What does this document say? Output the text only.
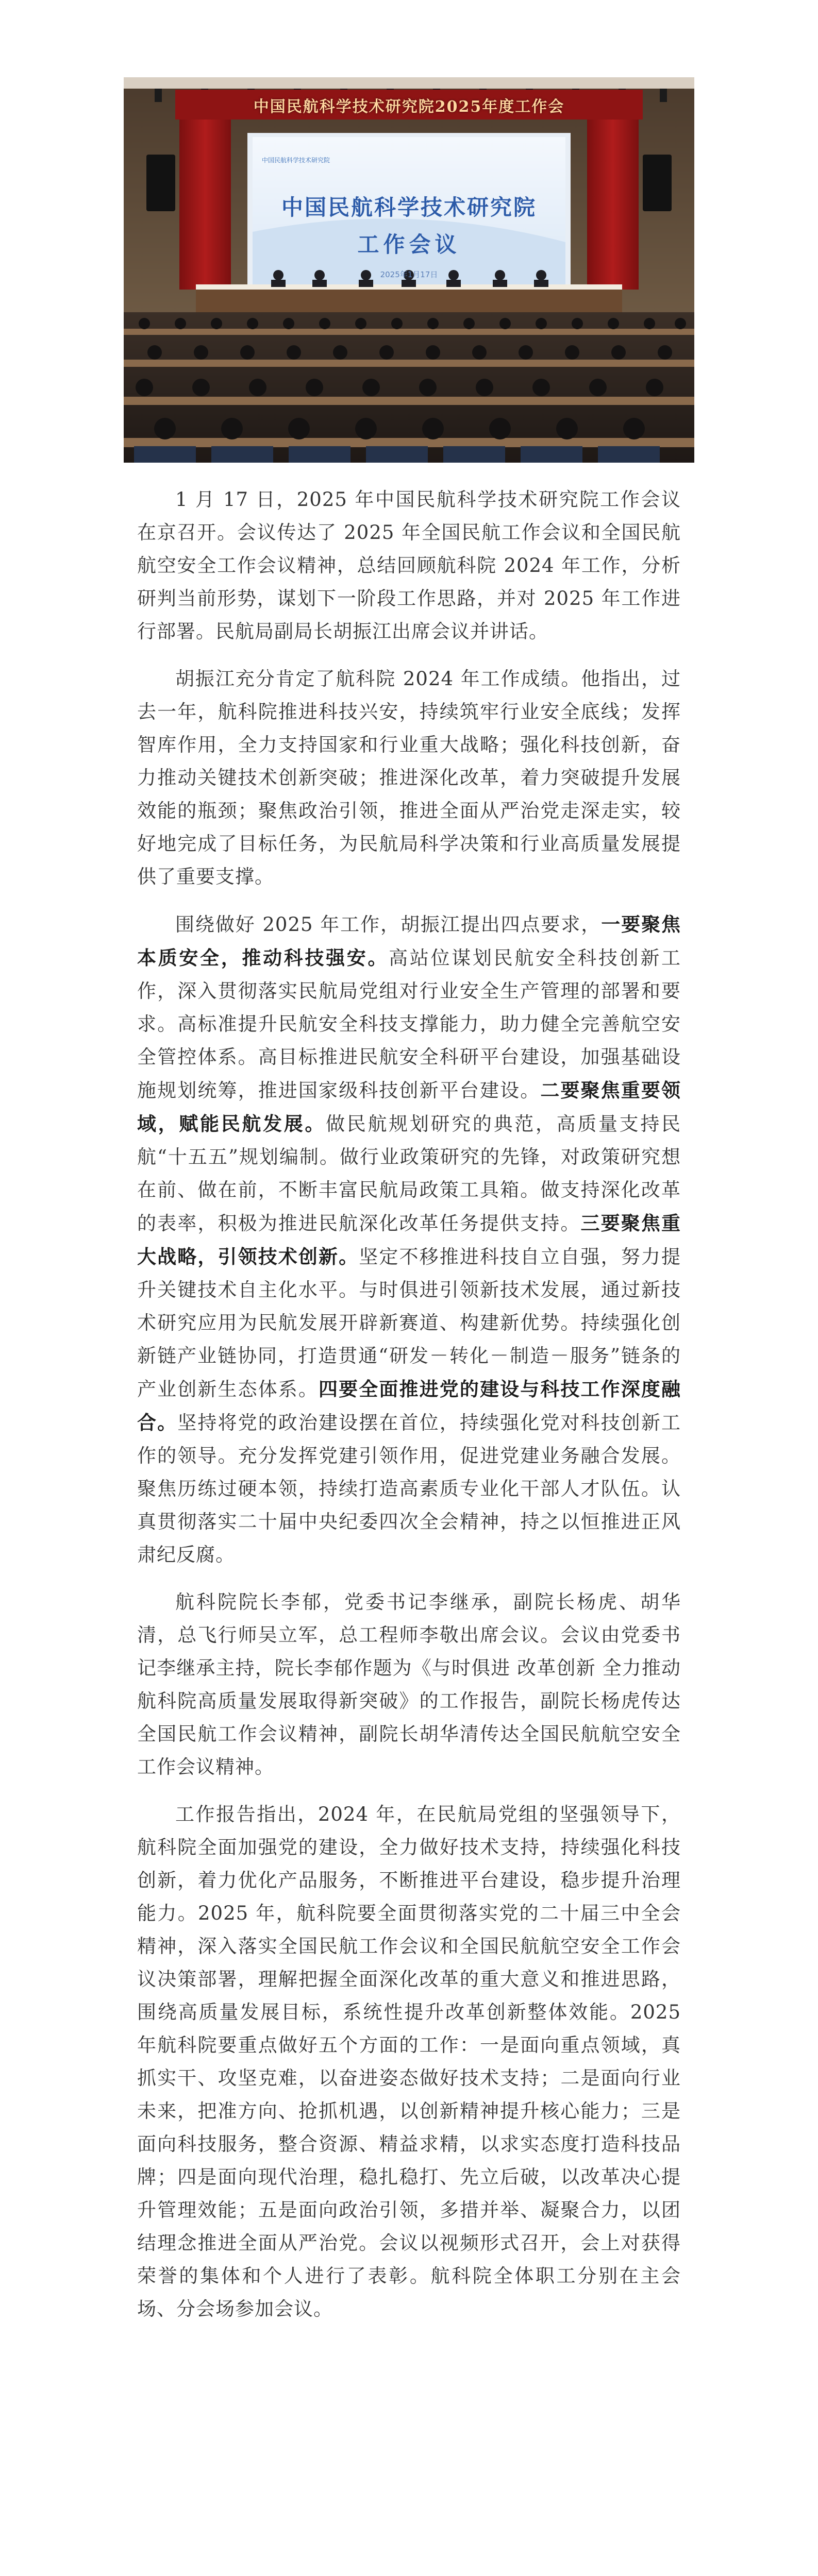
中国民航科学技术研究院2025年度工作会
中国民航科学技术研究院
中国民航科学技术研究院
工作会议
2025年1月17日

1 月 17 日，2025 年中国民航科学技术研究院工作会议在京召开。会议传达了 2025 年全国民航工作会议和全国民航航空安全工作会议精神，总结回顾航科院 2024 年工作，分析研判当前形势，谋划下一阶段工作思路，并对 2025 年工作进行部署。民航局副局长胡振江出席会议并讲话。

胡振江充分肯定了航科院 2024 年工作成绩。他指出，过去一年，航科院推进科技兴安，持续筑牢行业安全底线；发挥智库作用，全力支持国家和行业重大战略；强化科技创新，奋力推动关键技术创新突破；推进深化改革，着力突破提升发展效能的瓶颈；聚焦政治引领，推进全面从严治党走深走实，较好地完成了目标任务，为民航局科学决策和行业高质量发展提供了重要支撑。

围绕做好 2025 年工作，胡振江提出四点要求，一要聚焦本质安全，推动科技强安。高站位谋划民航安全科技创新工作，深入贯彻落实民航局党组对行业安全生产管理的部署和要求。高标准提升民航安全科技支撑能力，助力健全完善航空安全管控体系。高目标推进民航安全科研平台建设，加强基础设施规划统筹，推进国家级科技创新平台建设。二要聚焦重要领域，赋能民航发展。做民航规划研究的典范，高质量支持民航“十五五”规划编制。做行业政策研究的先锋，对政策研究想在前、做在前，不断丰富民航局政策工具箱。做支持深化改革的表率，积极为推进民航深化改革任务提供支持。三要聚焦重大战略，引领技术创新。坚定不移推进科技自立自强，努力提升关键技术自主化水平。与时俱进引领新技术发展，通过新技术研究应用为民航发展开辟新赛道、构建新优势。持续强化创新链产业链协同，打造贯通“研发－转化－制造－服务”链条的产业创新生态体系。四要全面推进党的建设与科技工作深度融合。坚持将党的政治建设摆在首位，持续强化党对科技创新工作的领导。充分发挥党建引领作用，促进党建业务融合发展。聚焦历练过硬本领，持续打造高素质专业化干部人才队伍。认真贯彻落实二十届中央纪委四次全会精神，持之以恒推进正风肃纪反腐。

航科院院长李郁，党委书记李继承，副院长杨虎、胡华清，总飞行师吴立军，总工程师李敬出席会议。会议由党委书记李继承主持，院长李郁作题为《与时俱进 改革创新 全力推动航科院高质量发展取得新突破》的工作报告，副院长杨虎传达全国民航工作会议精神，副院长胡华清传达全国民航航空安全工作会议精神。

工作报告指出，2024 年，在民航局党组的坚强领导下，航科院全面加强党的建设，全力做好技术支持，持续强化科技创新，着力优化产品服务，不断推进平台建设，稳步提升治理能力。2025 年，航科院要全面贯彻落实党的二十届三中全会精神，深入落实全国民航工作会议和全国民航航空安全工作会议决策部署，理解把握全面深化改革的重大意义和推进思路，围绕高质量发展目标，系统性提升改革创新整体效能。2025 年航科院要重点做好五个方面的工作：一是面向重点领域，真抓实干、攻坚克难，以奋进姿态做好技术支持；二是面向行业未来，把准方向、抢抓机遇，以创新精神提升核心能力；三是面向科技服务，整合资源、精益求精，以求实态度打造科技品牌；四是面向现代治理，稳扎稳打、先立后破，以改革决心提升管理效能；五是面向政治引领，多措并举、凝聚合力，以团结理念推进全面从严治党。会议以视频形式召开，会上对获得荣誉的集体和个人进行了表彰。航科院全体职工分别在主会场、分会场参加会议。
